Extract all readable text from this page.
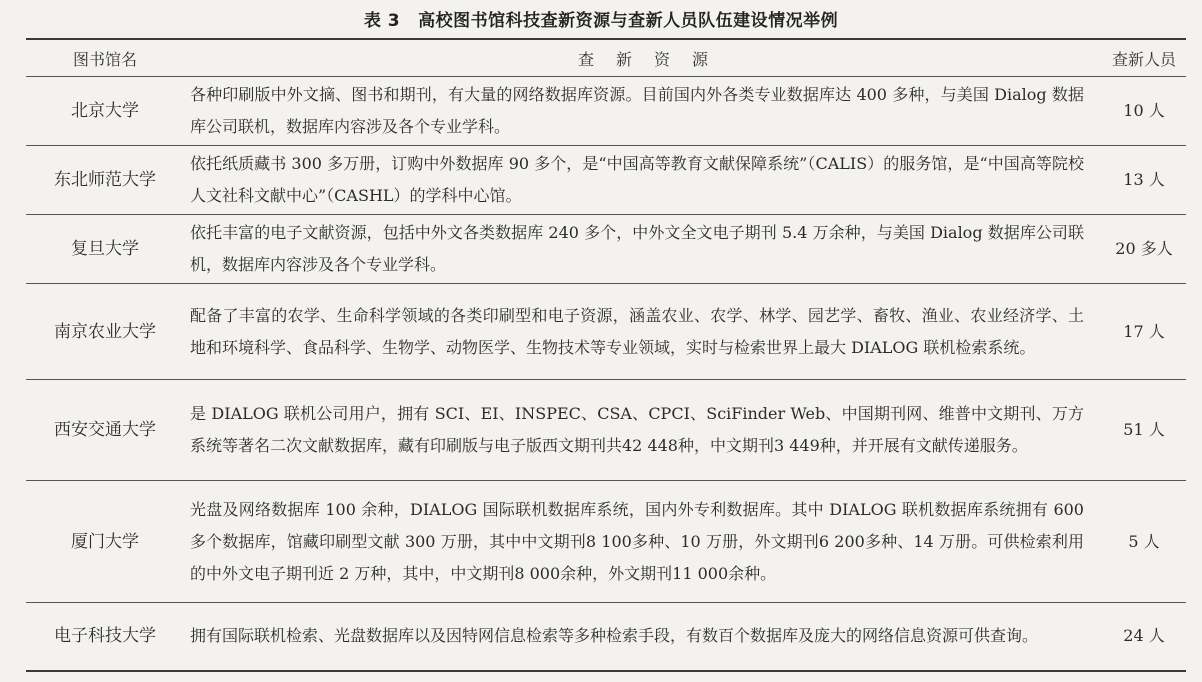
表 3 高校图书馆科技查新资源与查新人员队伍建设情况举例
图书馆名	查新资源	查新人员
北京大学	各种印刷版中外文摘、图书和期刊，有大量的网络数据库资源。目前国内外各类专业数据库达 400 多种，与美国 Dialog 数据库公司联机，数据库内容涉及各个专业学科。	10 人
东北师范大学	依托纸质藏书 300 多万册，订购中外数据库 90 多个，是“中国高等教育文献保障系统”（CALIS）的服务馆，是“中国高等院校人文社科文献中心”（CASHL）的学科中心馆。	13 人
复旦大学	依托丰富的电子文献资源，包括中外文各类数据库 240 多个，中外文全文电子期刊 5.4 万余种，与美国 Dialog 数据库公司联机，数据库内容涉及各个专业学科。	20 多人
南京农业大学	配备了丰富的农学、生命科学领域的各类印刷型和电子资源，涵盖农业、农学、林学、园艺学、畜牧、渔业、农业经济学、土地和环境科学、食品科学、生物学、动物医学、生物技术等专业领域，实时与检索世界上最大 DIALOG 联机检索系统。	17 人
西安交通大学	是 DIALOG 联机公司用户，拥有 SCI、EI、INSPEC、CSA、CPCI、SciFinder Web、中国期刊网、维普中文期刊、万方系统等著名二次文献数据库，藏有印刷版与电子版西文期刊共42 448种，中文期刊3 449种，并开展有文献传递服务。	51 人
厦门大学	光盘及网络数据库 100 余种，DIALOG 国际联机数据库系统，国内外专利数据库。其中 DIALOG 联机数据库系统拥有 600 多个数据库，馆藏印刷型文献 300 万册，其中中文期刊8 100多种、10 万册，外文期刊6 200多种、14 万册。可供检索利用的中外文电子期刊近 2 万种，其中，中文期刊8 000余种，外文期刊11 000余种。	5 人
电子科技大学	拥有国际联机检索、光盘数据库以及因特网信息检索等多种检索手段，有数百个数据库及庞大的网络信息资源可供查询。	24 人
